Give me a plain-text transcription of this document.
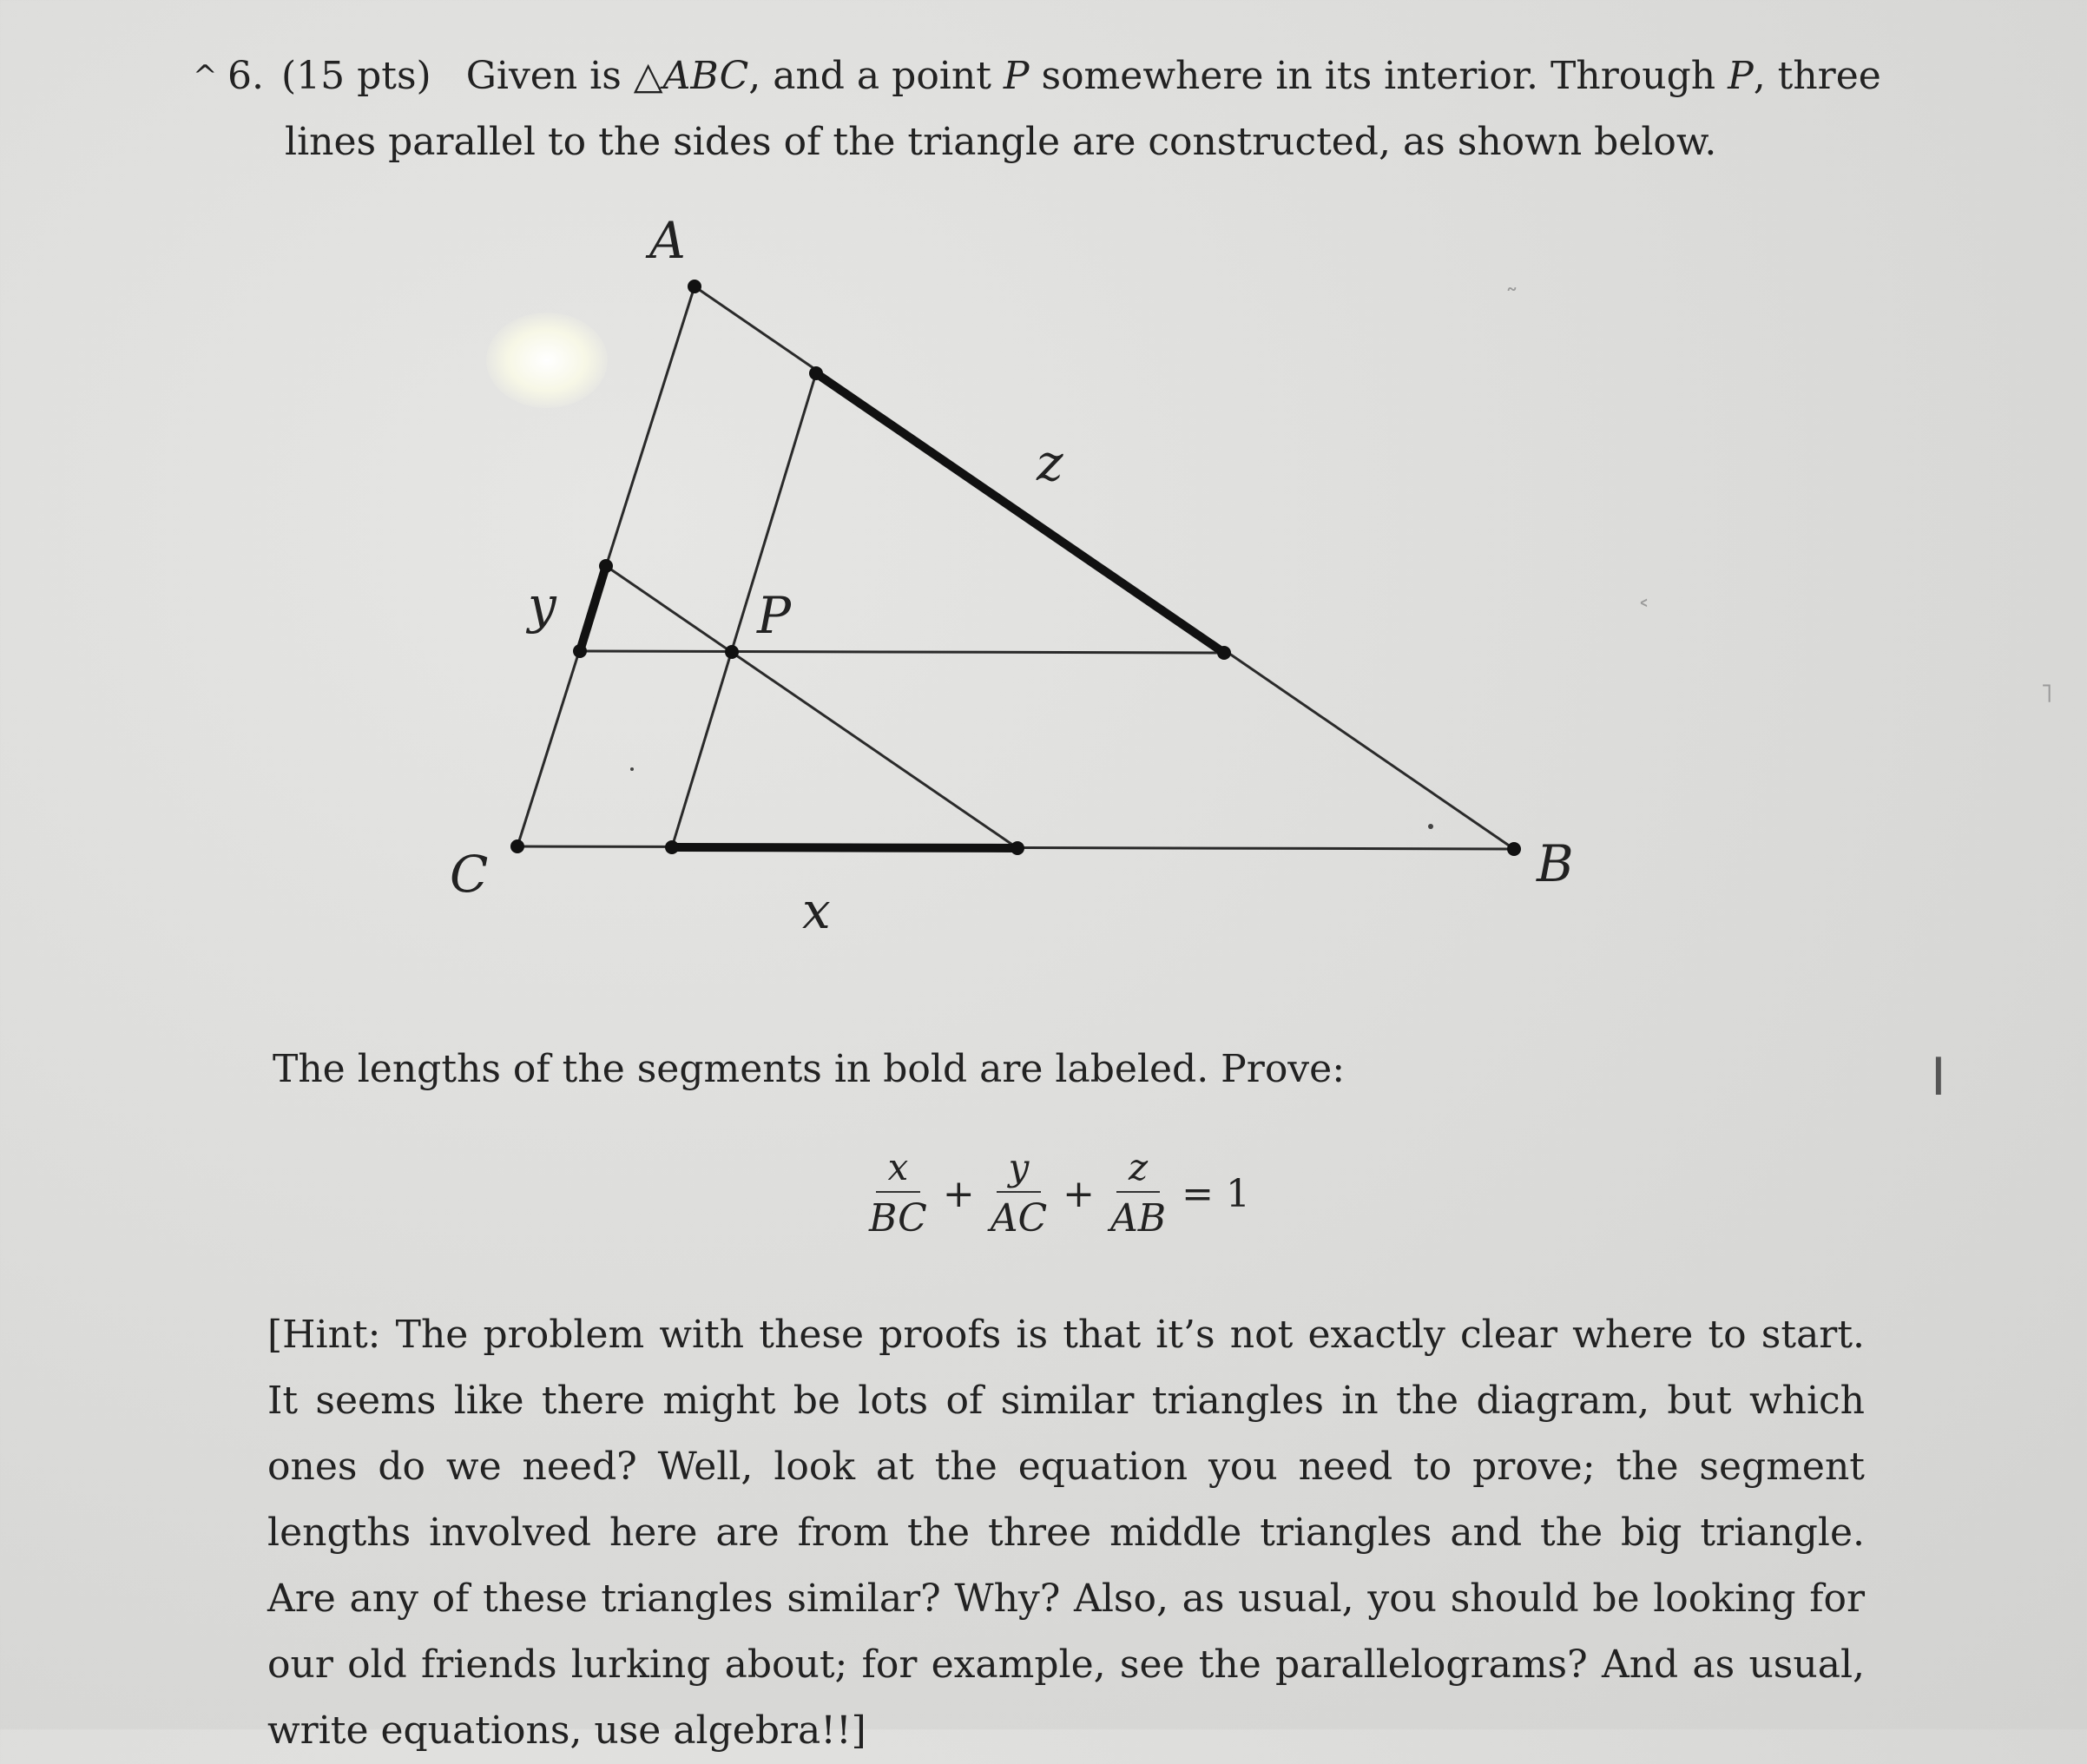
^ 6. (15 pts) Given is △ABC, and a point P somewhere in its interior. Through P, three
lines parallel to the sides of the triangle are constructed, as shown below.
A
B
C
P
x
y
z
˷
˂
˥
The lengths of the segments in bold are labeled. Prove:
$\frac{x}{BC} + \frac{y}{AC} + \frac{z}{AB} = 1$

[Hint: The problem with these proofs is that it’s not exactly clear where to start. It seems like there might be lots of similar triangles in the diagram, but which ones do we need? Well, look at the equation you need to prove; the segment lengths involved here are from the three middle triangles and the big triangle. Are any of these triangles similar? Why? Also, as usual, you should be looking for our old friends lurking about; for example, see the parallelograms? And as usual, write equations, use algebra!!]

I
